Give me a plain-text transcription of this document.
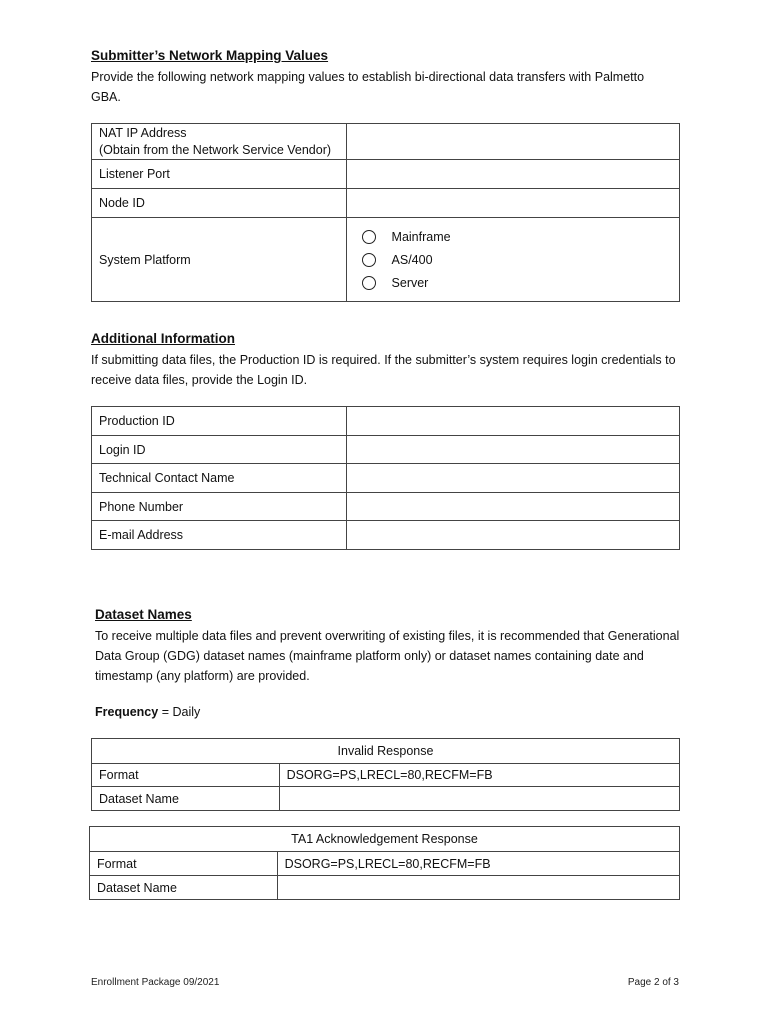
Submitter’s Network Mapping Values
Provide the following network mapping values to establish bi-directional data transfers with Palmetto GBA.
NAT IP Address
(Obtain from the Network Service Vendor)	

Listener Port	
Node ID	
System Platform	Mainframe
AS/400
Server
Additional Information
If submitting data files, the Production ID is required. If the submitter’s system requires login credentials to receive data files, provide the Login ID.
Production ID	
Login ID	
Technical Contact Name	
Phone Number	
E-mail Address	
Dataset Names
To receive multiple data files and prevent overwriting of existing files, it is recommended that Generational Data Group (GDG) dataset names (mainframe platform only) or dataset names containing date and timestamp (any platform) are provided.
Frequency = Daily
Invalid Response	
Format	DSORG=PS,LRECL=80,RECFM=FB
Dataset Name	
TA1 Acknowledgement Response	
Format	DSORG=PS,LRECL=80,RECFM=FB
Dataset Name	
Enrollment Package 09/2021	Page 2 of 3
